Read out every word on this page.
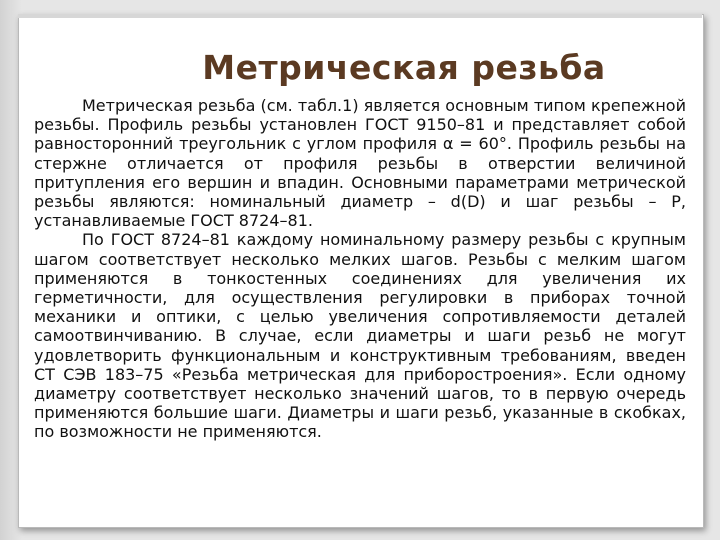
Метрическая резьба

Метрическая резьба (см. табл.1) является основным типом крепежной резьбы. Профиль резьбы установлен ГОСТ 9150–81 и представляет собой равносторонний треугольник с углом профиля α = 60°. Профиль резьбы на стержне отличается от профиля резьбы в отверстии величиной притупления его вершин и впадин. Основными параметрами метрической резьбы являются: номинальный диаметр – d(D) и шаг резьбы – P, устанавливаемые ГОСТ 8724–81.

По ГОСТ 8724–81 каждому номинальному размеру резьбы с крупным шагом соответствует несколько мелких шагов. Резьбы с мелким шагом применяются в тонкостенных соединениях для увеличения их герметичности, для осуществления регулировки в приборах точной механики и оптики, с целью увеличения сопротивляемости деталей самоотвинчиванию. В случае, если диаметры и шаги резьб не могут удовлетворить функциональным и конструктивным требованиям, введен СТ СЭВ 183–75 «Резьба метрическая для приборостроения». Если одному диаметру соответствует несколько значений шагов, то в первую очередь применяются большие шаги. Диаметры и шаги резьб, указанные в скобках, по возможности не применяются.
